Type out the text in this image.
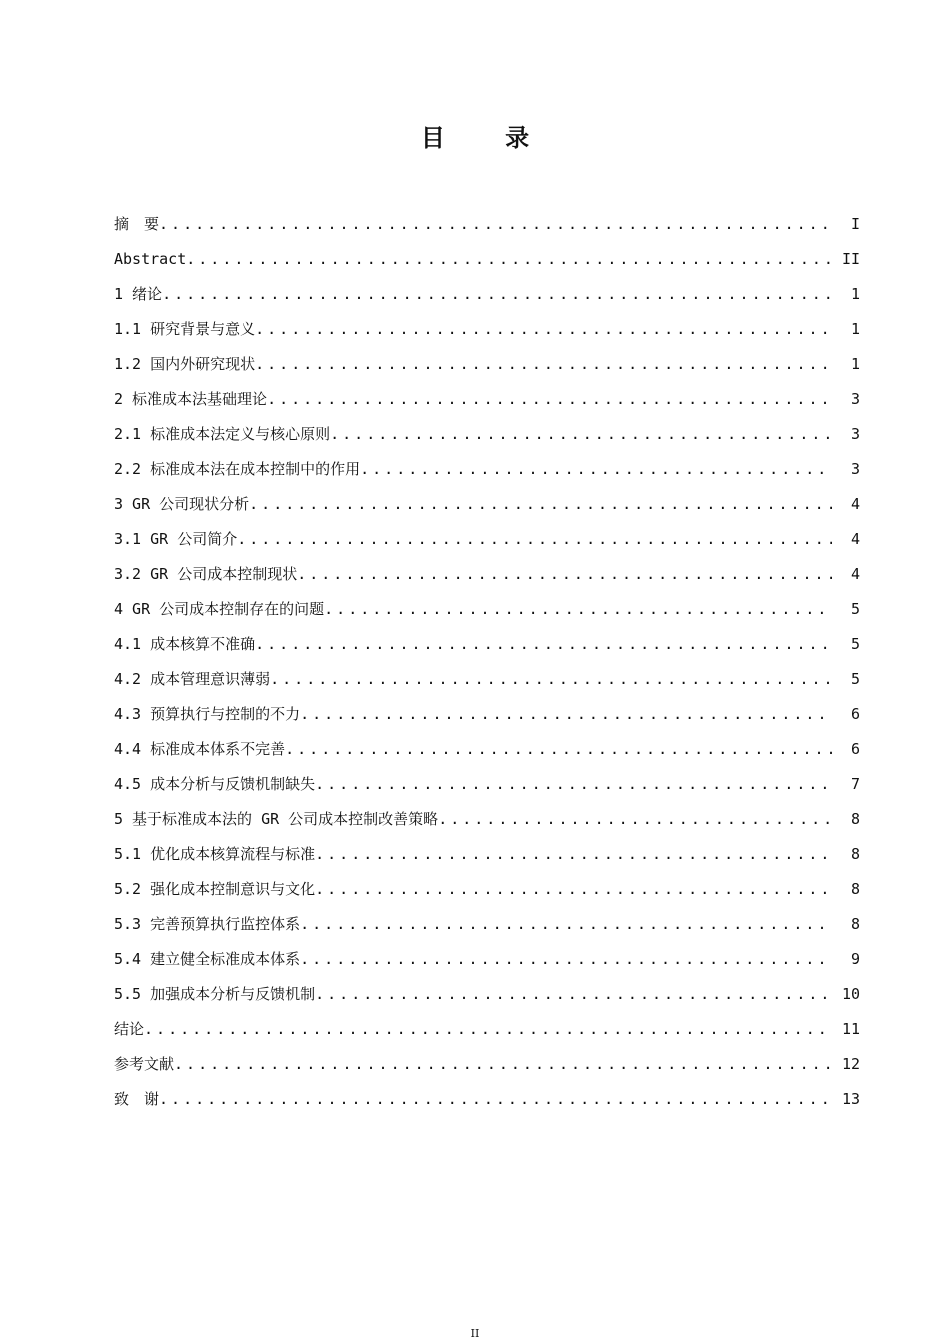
目 录
摘　要 .....	I
Abstract .....	II
1 绪论 .....	1
1.1 研究背景与意义 .....	1
1.2 国内外研究现状 .....	1
2 标准成本法基础理论 .....	3
2.1 标准成本法定义与核心原则 .....	3
2.2 标准成本法在成本控制中的作用 .....	3
3 GR 公司现状分析 .....	4
3.1 GR 公司简介 .....	4
3.2 GR 公司成本控制现状 .....	4
4 GR 公司成本控制存在的问题 .....	5
4.1 成本核算不准确 .....	5
4.2 成本管理意识薄弱 .....	5
4.3 预算执行与控制的不力 .....	6
4.4 标准成本体系不完善 .....	6
4.5 成本分析与反馈机制缺失 .....	7
5 基于标准成本法的 GR 公司成本控制改善策略 .....	8
5.1 优化成本核算流程与标准 .....	8
5.2 强化成本控制意识与文化 .....	8
5.3 完善预算执行监控体系 .....	8
5.4 建立健全标准成本体系 .....	9
5.5 加强成本分析与反馈机制 .....	10
结论 .....	11
参考文献 .....	12
致　谢 .....	13
II
